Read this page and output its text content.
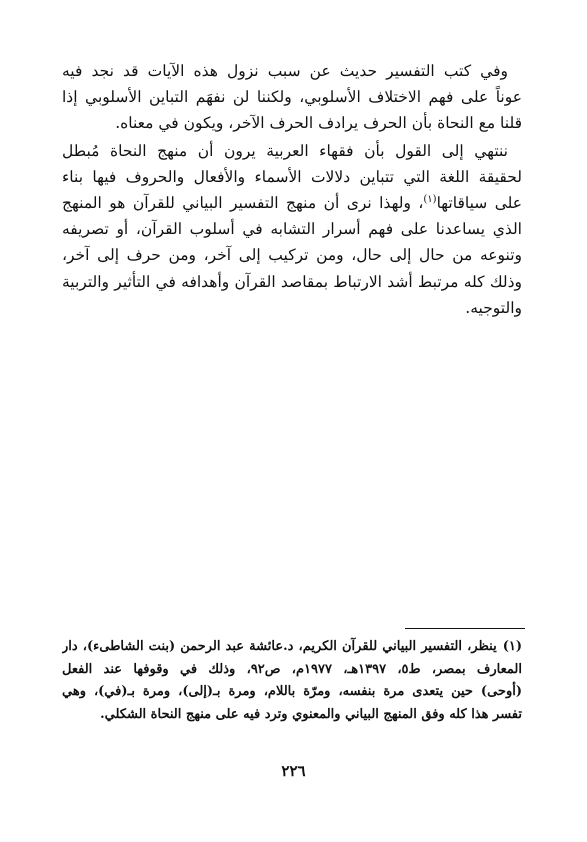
وفي كتب التفسير حديث عن سبب نزول هذه الآيات قد نجد فيه
عوناً على فهم الاختلاف الأسلوبي، ولكننا لن نفهَم التباين الأسلوبي إذا
قلنا مع النحاة بأن الحرف يرادف الحرف الآخر، ويكون في معناه.
ننتهي إلى القول بأن فقهاء العربية يرون أن منهج النحاة مُبطل
لحقيقة اللغة التي تتباين دلالات الأسماء والأفعال والحروف فيها بناء
على سياقاتها$^{(١)}$، ولهذا نرى أن منهج التفسير البياني للقرآن هو المنهج
الذي يساعدنا على فهم أسرار التشابه في أسلوب القرآن، أو تصريفه
وتنوعه من حال إلى حال، ومن تركيب إلى آخر، ومن حرف إلى آخر،
وذلك كله مرتبط أشد الارتباط بمقاصد القرآن وأهدافه في التأثير والتربية
والتوجيه.
(١)ينظر، التفسير البياني للقرآن الكريم، د.عائشة عبد الرحمن (بنت الشاطىء)، دار
المعارف بمصر، ط٥، ١٣٩٧هـ، ١٩٧٧م، ص٩٢، وذلك في وقوفها عند الفعل
(أوحى) حين يتعدى مرة بنفسه، ومرّة باللام، ومرة بـ(إلى)، ومرة بـ(في)، وهي
تفسر هذا كله وفق المنهج البياني والمعنوي وترد فيه على منهج النحاة الشكلي.
٢٢٦
